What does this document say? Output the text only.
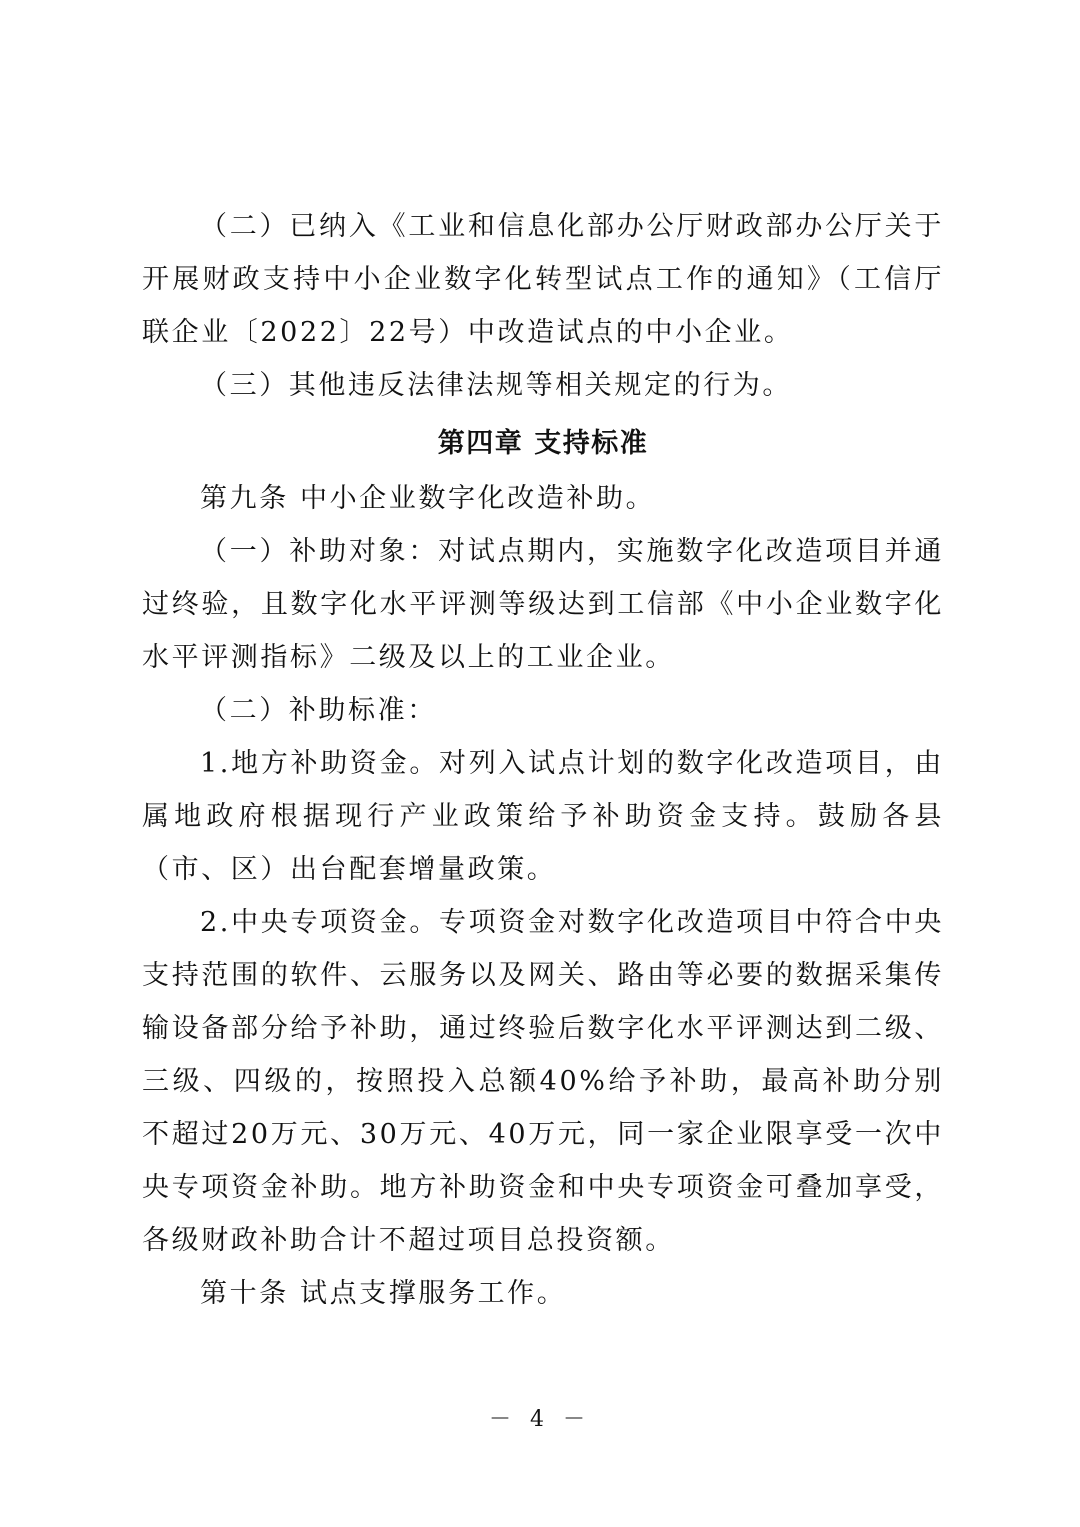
（二）已纳入《工业和信息化部办公厅财政部办公厅关于开展财政支持中小企业数字化转型试点工作的通知》（工信厅联企业〔2022〕22号）中改造试点的中小企业。

（三）其他违反法律法规等相关规定的行为。

第四章 支持标准

第九条 中小企业数字化改造补助。

（一）补助对象：对试点期内，实施数字化改造项目并通过终验，且数字化水平评测等级达到工信部《中小企业数字化水平评测指标》二级及以上的工业企业。

（二）补助标准：

1.地方补助资金。对列入试点计划的数字化改造项目，由属地政府根据现行产业政策给予补助资金支持。鼓励各县（市、区）出台配套增量政策。

2.中央专项资金。专项资金对数字化改造项目中符合中央支持范围的软件、云服务以及网关、路由等必要的数据采集传输设备部分给予补助，通过终验后数字化水平评测达到二级、三级、四级的，按照投入总额40%给予补助，最高补助分别不超过20万元、30万元、40万元，同一家企业限享受一次中央专项资金补助。地方补助资金和中央专项资金可叠加享受，各级财政补助合计不超过项目总投资额。

第十条 试点支撑服务工作。

－ 4 －
